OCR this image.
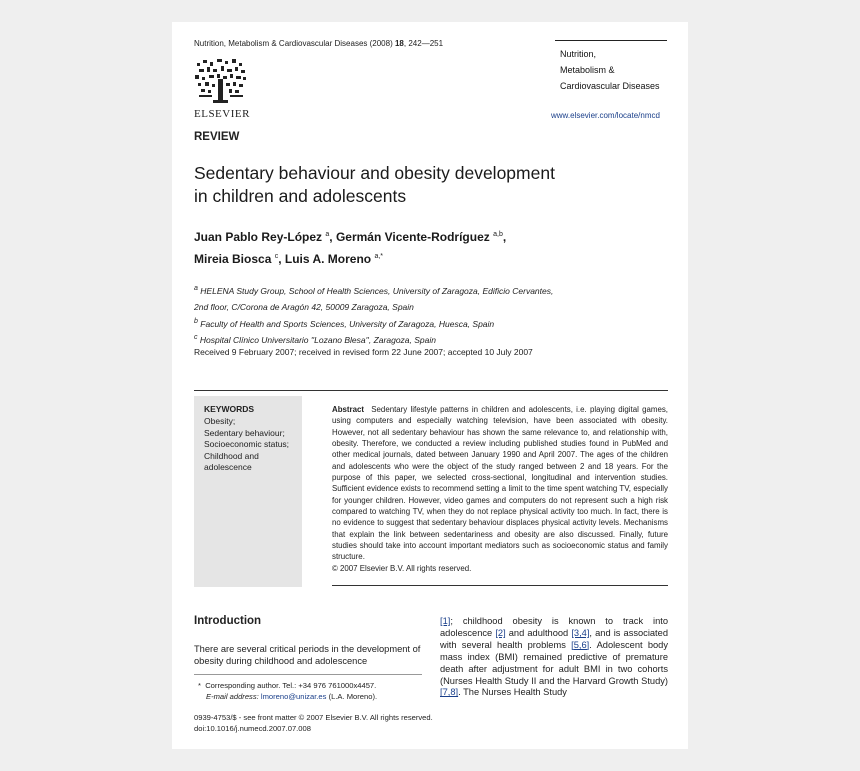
Nutrition, Metabolism & Cardiovascular Diseases (2008) 18, 242—251
ELSEVIER
Nutrition,
Metabolism &
Cardiovascular Diseases
www.elsevier.com/locate/nmcd
REVIEW
Sedentary behaviour and obesity development
in children and adolescents
Juan Pablo Rey-López $^a$, Germán Vicente-Rodríguez $^{a,b}$,
Mireia Biosca $^c$, Luis A. Moreno $^{a,*}$
$^a$ HELENA Study Group, School of Health Sciences, University of Zaragoza, Edificio Cervantes,
2nd floor, C/Corona de Aragón 42, 50009 Zaragoza, Spain
$^b$ Faculty of Health and Sports Sciences, University of Zaragoza, Huesca, Spain
$^c$ Hospital Clínico Universitario ''Lozano Blesa'', Zaragoza, Spain
Received 9 February 2007; received in revised form 22 June 2007; accepted 10 July 2007
KEYWORDS
Obesity;
Sedentary behaviour;
Socioeconomic status;
Childhood and
adolescence
Abstract Sedentary lifestyle patterns in children and adolescents, i.e. playing digital games, using computers and especially watching television, have been associated with obesity. However, not all sedentary behaviour has shown the same relevance to, and relationship with, obesity. Therefore, we conducted a review including published studies found in PubMed and other medical journals, dated between January 1990 and April 2007. The ages of the children and adolescents who were the object of the study ranged between 2 and 18 years. For the purpose of this paper, we selected cross-sectional, longitudinal and intervention studies. Sufficient evidence exists to recommend setting a limit to the time spent watching TV, especially for younger children. However, video games and computers do not represent such a high risk compared to watching TV, when they do not replace physical activity too much. In fact, there is no evidence to suggest that sedentary behaviour displaces physical activity levels. Mechanisms that explain the link between sedentariness and obesity are also discussed. Finally, future studies should take into account important mediators such as socioeconomic status and family structure.
© 2007 Elsevier B.V. All rights reserved.
Introduction
There are several critical periods in the development of obesity during childhood and adolescence
[1]; childhood obesity is known to track into adolescence [2] and adulthood [3,4], and is associated with several health problems [5,6]. Adolescent body mass index (BMI) remained predictive of premature death after adjustment for adult BMI in two cohorts (Nurses Health Study II and the Harvard Growth Study) [7,8]. The Nurses Health Study
* Corresponding author. Tel.: +34 976 761000x4457.
E-mail address: lmoreno@unizar.es (L.A. Moreno).
0939-4753/$ - see front matter © 2007 Elsevier B.V. All rights reserved.
doi:10.1016/j.numecd.2007.07.008
